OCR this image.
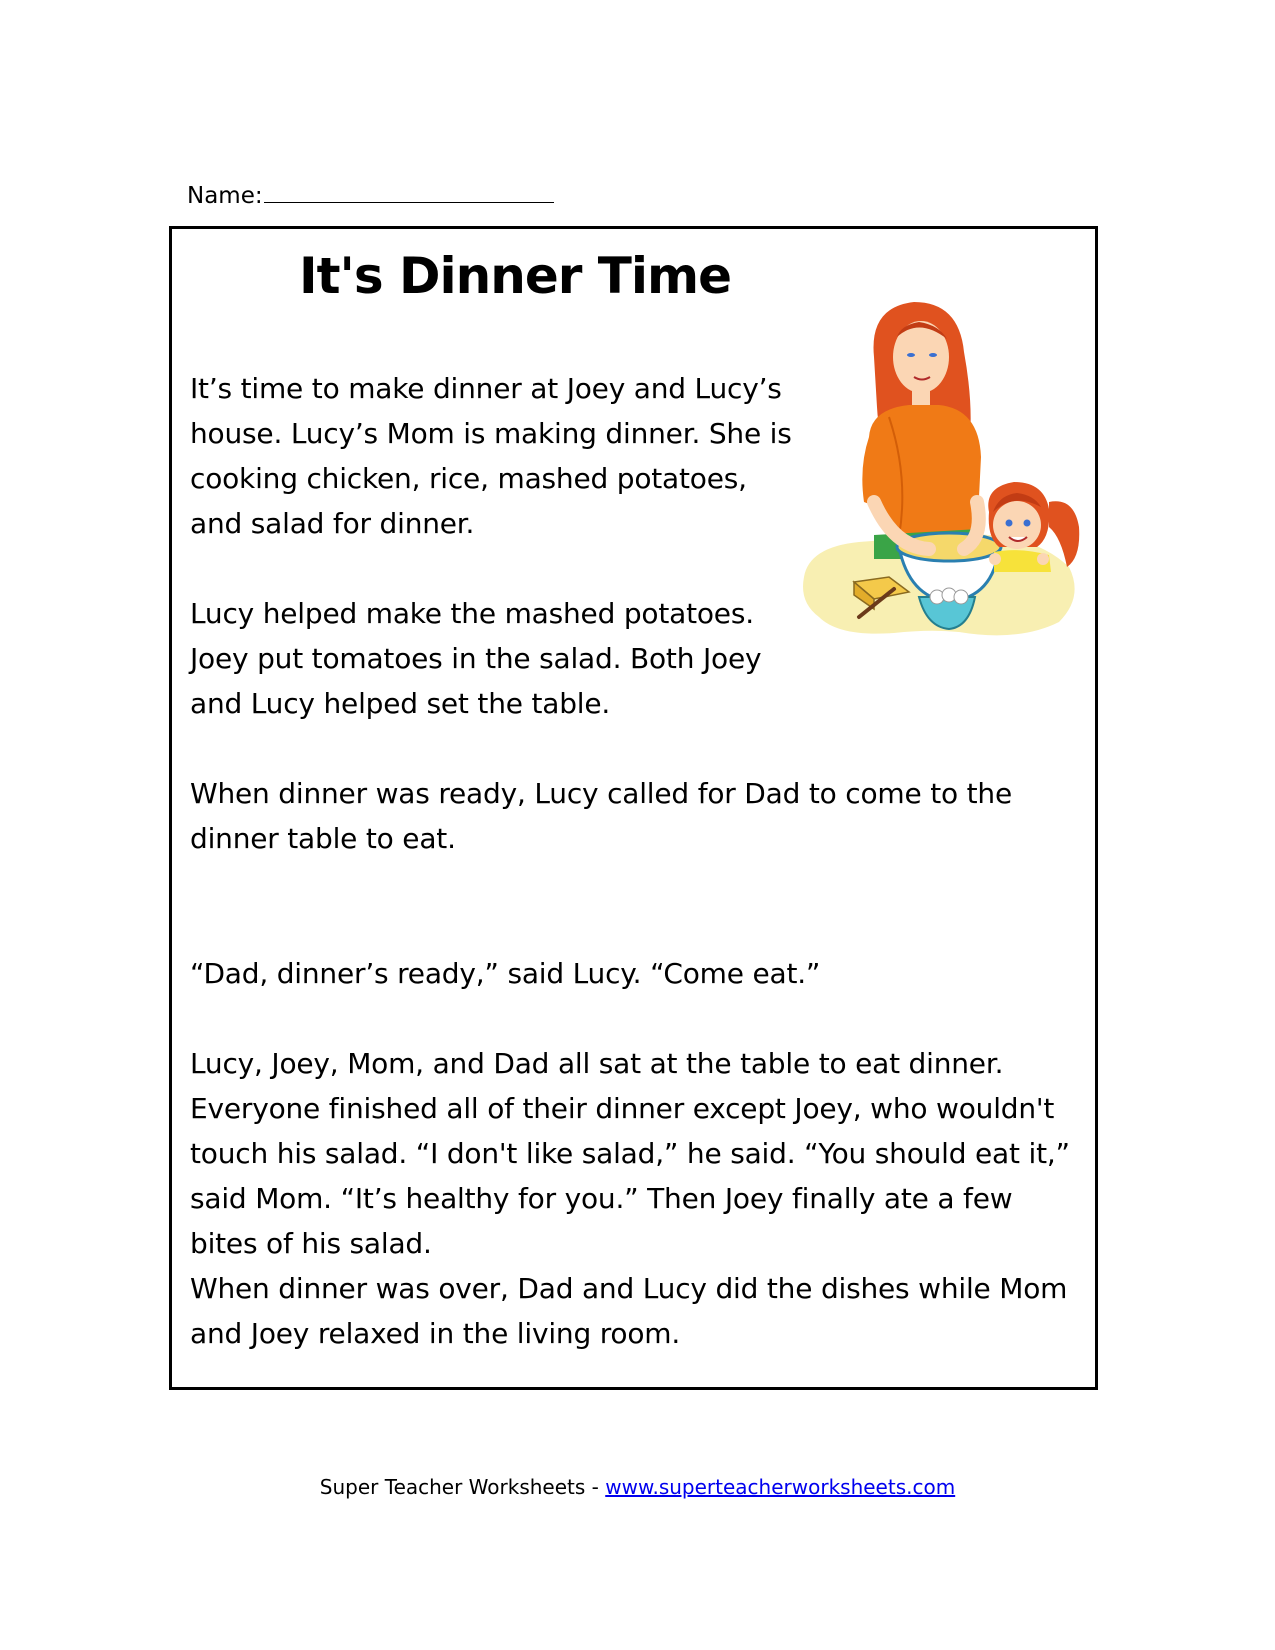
Name:
It's Dinner Time

It’s time to make dinner at Joey and Lucy’s house. Lucy’s Mom is making dinner. She is cooking chicken, rice, mashed potatoes, and salad for dinner.

Lucy helped make the mashed potatoes. Joey put tomatoes in the salad. Both Joey and Lucy helped set the table.

When dinner was ready, Lucy called for Dad to come to the dinner table to eat.

“Dad, dinner’s ready,” said Lucy. “Come eat.”

Lucy, Joey, Mom, and Dad all sat at the table to eat dinner. Everyone finished all of their dinner except Joey, who wouldn't touch his salad. “I don't like salad,” he said. “You should eat it,” said Mom. “It’s healthy for you.” Then Joey finally ate a few bites of his salad.

When dinner was over, Dad and Lucy did the dishes while Mom and Joey relaxed in the living room.

Super Teacher Worksheets - www.superteacherworksheets.com
